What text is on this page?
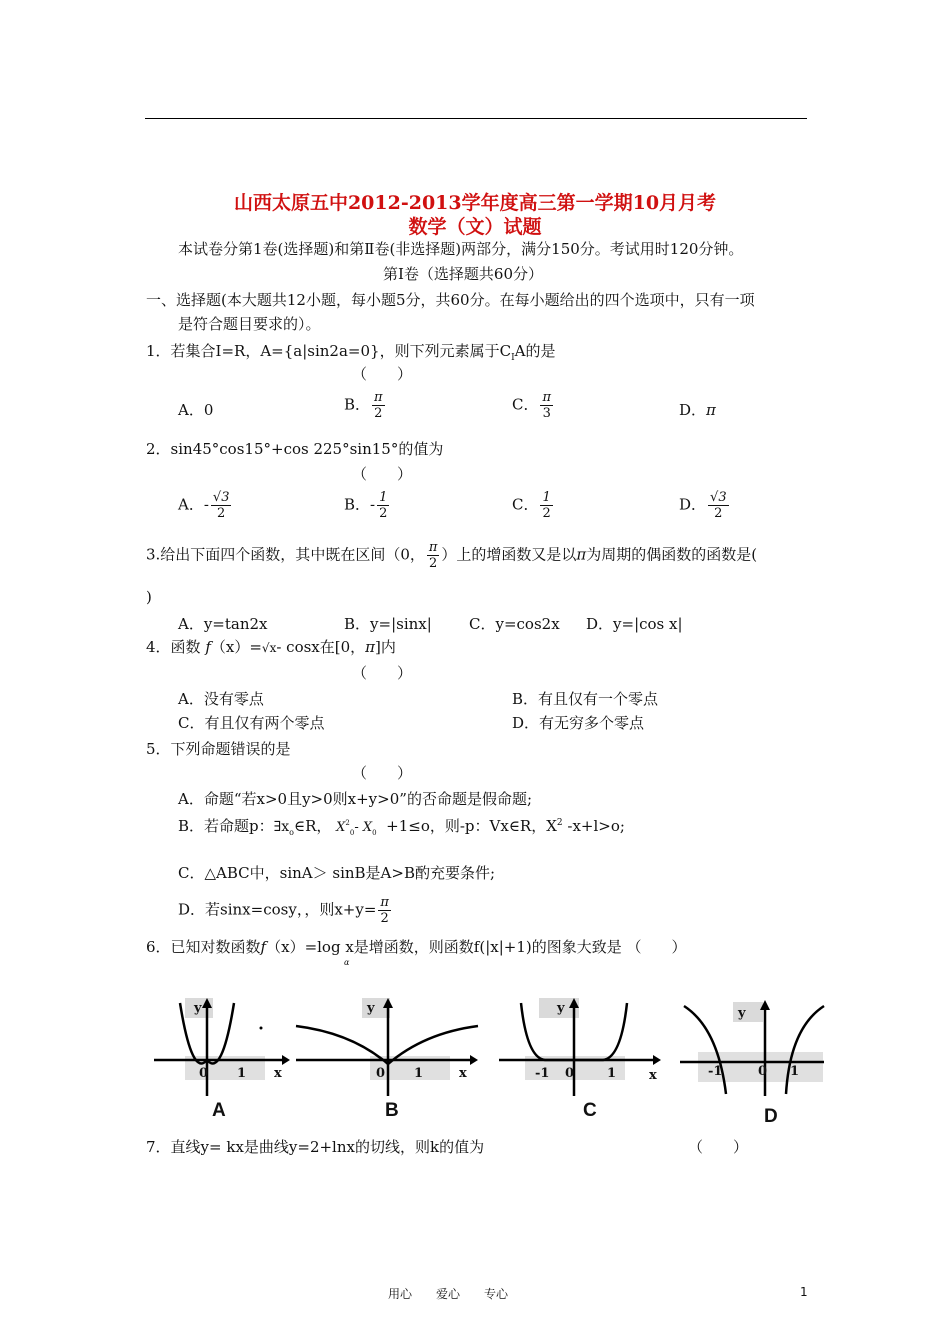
山西太原五中2012-2013学年度高三第一学期10月月考
数学（文）试题
本试卷分第1卷(选择题)和第Ⅱ卷(非选择题)两部分，满分150分。考试用时120分钟。
第Ⅰ卷（选择题共60分）
一、选择题(本大题共12小题，每小题5分，共60分。在每小题给出的四个选项中，只有一项
是符合题目要求的）。
1．若集合I=R，A={a|sin2a=0}，则下列元素属于$C_IA$的是
（　　）
A．0	B． $\frac{\pi}{2}$	C． $\frac{\pi}{3}$	D．π
2．sin45°cos15°+cos 225°sin15°的值为
（　　）
A．- $\frac{√3}{2}$	B．- $\frac{1}{2}$	C． $\frac{1}{2}$	D． $\frac{√3}{2}$
3.给出下面四个函数，其中既在区间（0， $\frac{\pi}{2}$ ）上的增函数又是以π为周期的偶函数的函数是(
)
A．y=tan2x	B．y=|sinx| C．y=cos2x D．y=|cos x|
4．函数 f（x）=√x- cosx在[0，π]内
（　　）
A．没有零点	B．有且仅有一个零点
C．有且仅有两个零点	D．有无穷多个零点
5．下列命题错误的是
（　　）
A．命题“若x>0且y>0则x+y>0”的否命题是假命题;
B．若命题p：$\exists x_o\in R$， $X^2_0-$ $X_0 +1\le o$，则-p：Vx∈R，$X^2$ -x+l>o;
C．△ABC中，sinA＞ sinB是A>B酌充要条件;
D．若sinx=cosy，，则$x+y= \frac{\pi}{2}$
6．已知对数函数f（x）=log x是增函数，则函数f(|x|+1)的图象大致是 （　　）
α
y
0 1 x
A
y
0 1	x
B
y
-1 0	1	x
C
y
-1	0 1
D
7．直线y= kx是曲线y=2+lnx的切线，则k的值为	（　　）
用心　　爱心　　专心	1
